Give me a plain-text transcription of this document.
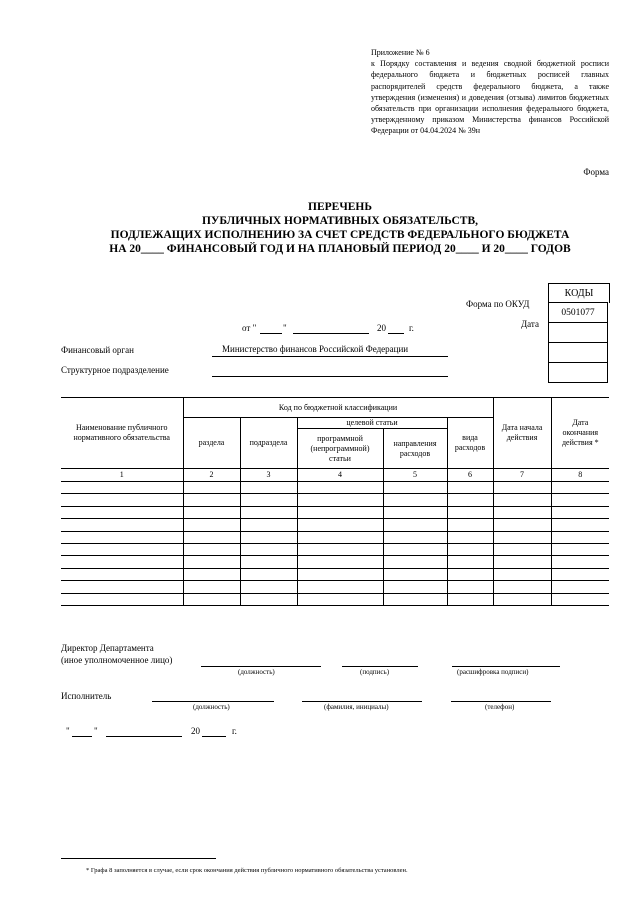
Приложение № 6
к Порядку составления и ведения сводной бюджетной росписи федерального бюджета и бюджетных росписей главных распорядителей средств федерального бюджета, а также утверждения (изменения) и доведения (отзыва) лимитов бюджетных обязательств при организации исполнения федерального бюджета, утвержденному приказом Министерства финансов Российской Федерации от 04.04.2024 № 39н
Форма
ПЕРЕЧЕНЬ
ПУБЛИЧНЫХ НОРМАТИВНЫХ ОБЯЗАТЕЛЬСТВ,
ПОДЛЕЖАЩИХ ИСПОЛНЕНИЮ ЗА СЧЕТ СРЕДСТВ ФЕДЕРАЛЬНОГО БЮДЖЕТА
НА 20____ ФИНАНСОВЫЙ ГОД И НА ПЛАНОВЫЙ ПЕРИОД 20____ И 20____ ГОДОВ
КОДЫ
0501077

Форма по ОКУД
Дата
от "	"	20	г.
Финансовый орган	Министерство финансов Российской Федерации
Структурное подразделение
Наименование публичного нормативного обязательства	Код по бюджетной классификации					Дата начала действия	Дата окончания действия *
	раздела	подраздела	целевой статьи		вида расходов		
			программной (непрограммной) статьи	направления расходов			
1	2	3	4	5	6	7	8

Директор Департамента
(иное уполномоченное лицо)
(должность)	(подпись)	(расшифровка подписи)
Исполнитель
(должность)	(фамилия, инициалы)	(телефон)
"	"	20	г.
* Графа 8 заполняется в случае, если срок окончания действия публичного нормативного обязательства установлен.
